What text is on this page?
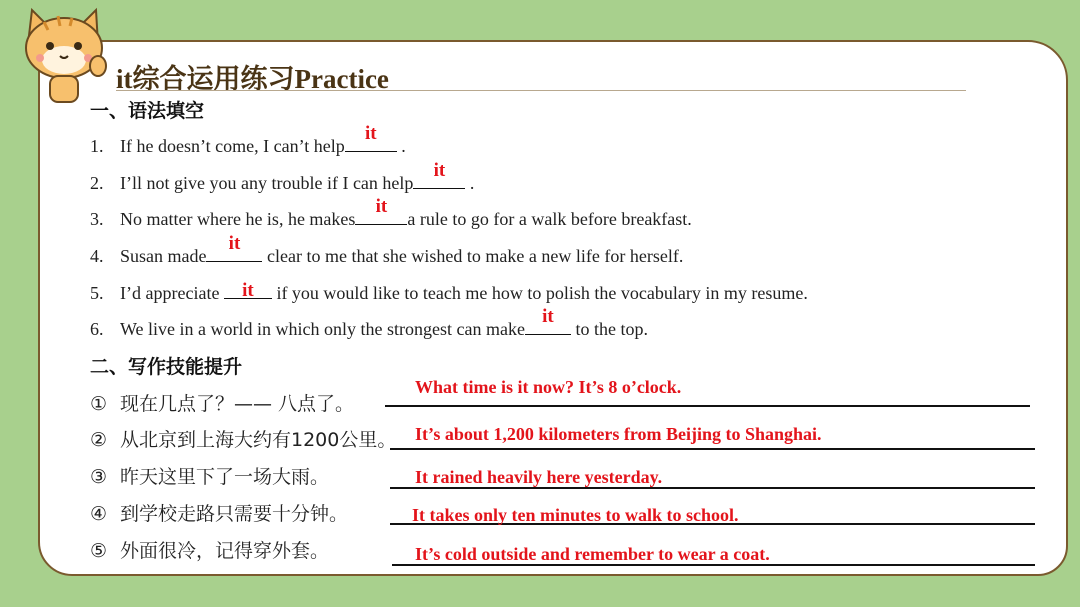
it综合运用练习Practice
一、语法填空
1. If he doesn’t come, I can’t help
it
.
2. I’ll not give you any trouble if I can help
it
.
3. No matter where he is, he makes
it
a rule to go for a walk before breakfast.
4. Susan made
it
clear to me that she wished to make a new life for herself.
5. I’d appreciate it	if you would like to teach me how to polish the vocabulary in my resume.
6. We live in a world in which only the strongest can make
it
to the top.
二、写作技能提升
① 现在几点了？—— 八点了。
What time is it now? It’s 8 o’clock.
② 从北京到上海大约有1200公里。 It’s about 1,200 kilometers from Beijing to Shanghai.
③ 昨天这里下了一场大雨。	It rained heavily here yesterday.
④ 到学校走路只需要十分钟。	It takes only ten minutes to walk to school.
⑤ 外面很冷，记得穿外套。	It’s cold outside and remember to wear a coat.
